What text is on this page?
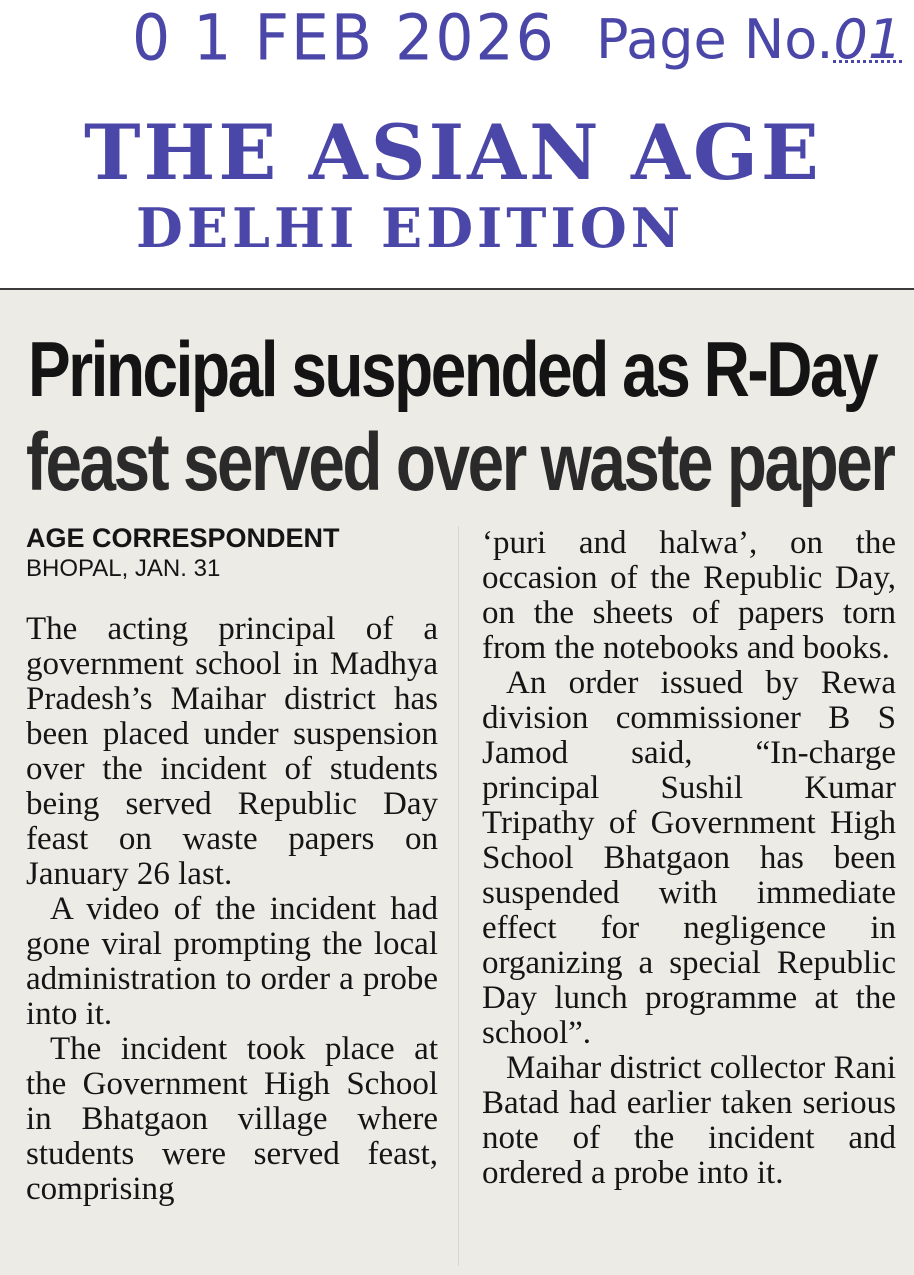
0 1 FEB 2026 Page No.01

THE ASIAN AGE

DELHI EDITION

Principal suspended as R-Day
feast served over waste paper

AGE CORRESPONDENT

BHOPAL, JAN. 31

The acting principal of a government school in Madhya Pradesh’s Maihar district has been placed under suspension over the incident of students being served Republic Day feast on waste papers on January 26 last.

A video of the incident had gone viral prompting the local administration to order a probe into it.

The incident took place at the Government High School in Bhatgaon village where students were served feast, comprising

‘puri and halwa’, on the occasion of the Republic Day, on the sheets of papers torn from the notebooks and books.

An order issued by Rewa division commissioner B S Jamod said, “In-charge principal Sushil Kumar Tripathy of Government High School Bhatgaon has been suspended with immediate effect for negligence in organizing a special Republic Day lunch programme at the school”.

Maihar district collector Rani Batad had earlier taken serious note of the incident and ordered a probe into it.
